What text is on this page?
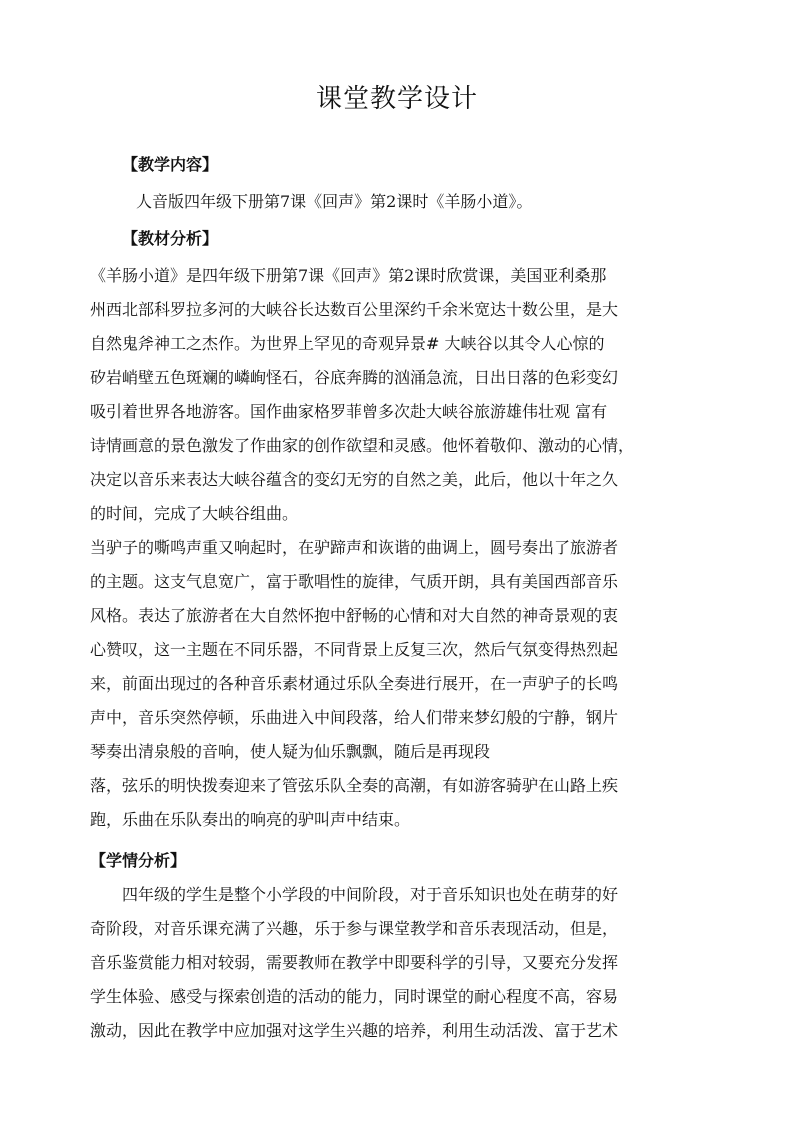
课堂教学设计
【教学内容】
人音版四年级下册第7课《回声》第2课时《羊肠小道》。
【教材分析】
《羊肠小道》是四年级下册第7课《回声》第2课时欣赏课，美国亚利桑那
州西北部科罗拉多河的大峡谷长达数百公里深约千余米宽达十数公里，是大
自然鬼斧神工之杰作。为世界上罕见的奇观异景# 大峡谷以其令人心惊的
矽岩峭壁五色斑斓的嶙峋怪石，谷底奔腾的汹涌急流，日出日落的色彩变幻
吸引着世界各地游客。国作曲家格罗菲曾多次赴大峡谷旅游雄伟壮观 富有
诗情画意的景色激发了作曲家的创作欲望和灵感。他怀着敬仰、激动的心情，
决定以音乐来表达大峡谷蕴含的变幻无穷的自然之美，此后，他以十年之久
的时间，完成了大峡谷组曲。
当驴子的嘶鸣声重又响起时，在驴蹄声和诙谐的曲调上，圆号奏出了旅游者
的主题。这支气息宽广，富于歌唱性的旋律，气质开朗，具有美国西部音乐
风格。表达了旅游者在大自然怀抱中舒畅的心情和对大自然的神奇景观的衷
心赞叹，这一主题在不同乐器，不同背景上反复三次，然后气氛变得热烈起
来，前面出现过的各种音乐素材通过乐队全奏进行展开，在一声驴子的长鸣
声中，音乐突然停顿，乐曲进入中间段落，给人们带来梦幻般的宁静，钢片
琴奏出清泉般的音响，使人疑为仙乐飘飘，随后是再现段
落，弦乐的明快拨奏迎来了管弦乐队全奏的高潮，有如游客骑驴在山路上疾
跑，乐曲在乐队奏出的响亮的驴叫声中结束。
【学情分析】
四年级的学生是整个小学段的中间阶段，对于音乐知识也处在萌芽的好
奇阶段，对音乐课充满了兴趣，乐于参与课堂教学和音乐表现活动，但是，
音乐鉴赏能力相对较弱，需要教师在教学中即要科学的引导，又要充分发挥
学生体验、感受与探索创造的活动的能力，同时课堂的耐心程度不高，容易
激动，因此在教学中应加强对这学生兴趣的培养，利用生动活泼、富于艺术
